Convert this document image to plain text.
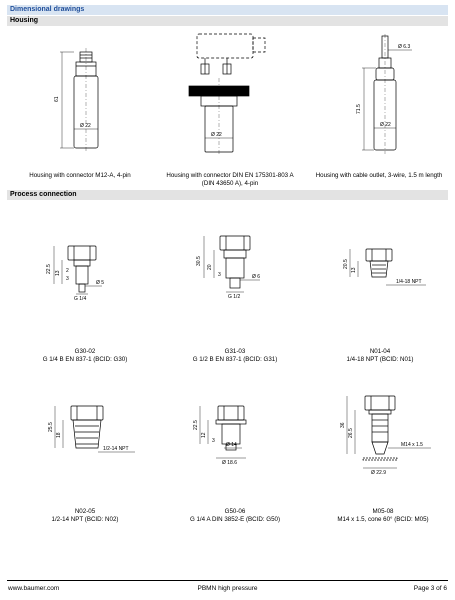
Dimensional drawings
Housing
Process connection
61
Ø 22
Ø 22
Ø 6.3
71.5
Ø 22
Housing with connector M12-A, 4-pin	Housing with connector DIN EN 175301-803 A
(DIN 43650 A), 4-pin
Housing with cable outlet, 3-wire, 1.5 m length
22.5 13 2
3
Ø 5
G 1/4
30.5
20
3	Ø 6
G 1/2
20.5
13
1/4-18 NPT
25.5
18
1/2-14 NPT
22.5
12
3
Ø 14
Ø 18.6
36
26.5
M14 x 1.5
Ø 22.9
G30-02
G 1/4 B EN 837-1 (BCID: G30)
G31-03
G 1/2 B EN 837-1 (BCID: G31)
N01-04
1/4-18 NPT (BCID: N01)
N02-05
1/2-14 NPT (BCID: N02)
G50-06
G 1/4 A DIN 3852-E (BCID: G50)
M05-08
M14 x 1.5, cone 60° (BCID: M05)
www.baumer.com	PBMN high pressure	Page 3 of 6
